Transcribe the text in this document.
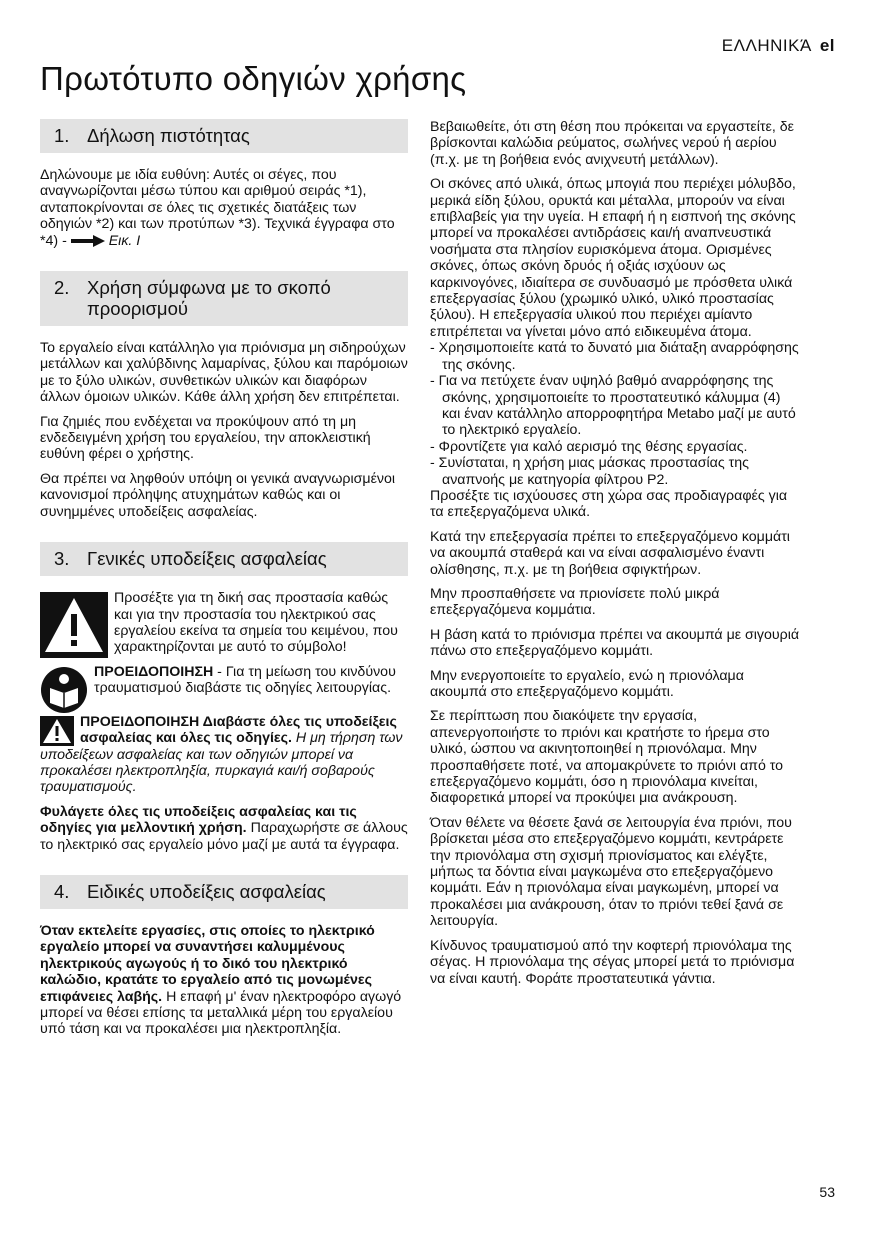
ΕΛΛΗΝΙΚΆ el
Πρωτότυπο οδηγιών χρήσης
1. Δήλωση πιστότητας

Δηλώνουμε με ιδία ευθύνη: Αυτές οι σέγες, που αναγνωρίζονται μέσω τύπου και αριθμού σειράς *1), ανταποκρίνονται σε όλες τις σχετικές διατάξεις των οδηγιών *2) και των προτύπων *3). Τεχνικά έγγραφα στο *4) -	Εικ. I

2. Χρήση σύμφωνα με το σκοπό προορισμού

Το εργαλείο είναι κατάλληλο για πριόνισμα μη σιδηρούχων μετάλλων και χαλύβδινης λαμαρίνας, ξύλου και παρόμοιων με το ξύλο υλικών, συνθετικών υλικών και διαφόρων άλλων όμοιων υλικών. Κάθε άλλη χρήση δεν επιτρέπεται.

Για ζημιές που ενδέχεται να προκύψουν από τη μη ενδεδειγμένη χρήση του εργαλείου, την αποκλειστική ευθύνη φέρει ο χρήστης.

Θα πρέπει να ληφθούν υπόψη οι γενικά αναγνωρισμένοι κανονισμοί πρόληψης ατυχημάτων καθώς και οι συνημμένες υποδείξεις ασφαλείας.

3. Γενικές υποδείξεις ασφαλείας

Προσέξτε για τη δική σας προστασία καθώς και για την προστασία του ηλεκτρικού σας εργαλείου εκείνα τα σημεία του κειμένου, που χαρακτηρίζονται με αυτό το σύμβολο!

ΠΡΟΕΙΔΟΠΟΙΗΣΗ - Για τη μείωση του κινδύνου τραυματισμού διαβάστε τις οδηγίες λειτουργίας.

ΠΡΟΕΙΔΟΠΟΙΗΣΗ Διαβάστε όλες τις υποδείξεις ασφαλείας και όλες τις οδηγίες. Η μη τήρηση των υποδείξεων ασφαλείας και των οδηγιών μπορεί να προκαλέσει ηλεκτροπληξία, πυρκαγιά και/ή σοβαρούς τραυματισμούς.

Φυλάγετε όλες τις υποδείξεις ασφαλείας και τις οδηγίες για μελλοντική χρήση. Παραχωρήστε σε άλλους το ηλεκτρικό σας εργαλείο μόνο μαζί με αυτά τα έγγραφα.

4. Ειδικές υποδείξεις ασφαλείας

Όταν εκτελείτε εργασίες, στις οποίες το ηλεκτρικό εργαλείο μπορεί να συναντήσει καλυμμένους ηλεκτρικούς αγωγούς ή το δικό του ηλεκτρικό καλώδιο, κρατάτε το εργαλείο από τις μονωμένες επιφάνειες λαβής. Η επαφή μ' έναν ηλεκτροφόρο αγωγό μπορεί να θέσει επίσης τα μεταλλικά μέρη του εργαλείου υπό τάση και να προκαλέσει μια ηλεκτροπληξία.

Βεβαιωθείτε, ότι στη θέση που πρόκειται να εργαστείτε, δε βρίσκονται καλώδια ρεύματος, σωλήνες νερού ή αερίου (π.χ. με τη βοήθεια ενός ανιχνευτή μετάλλων).

Οι σκόνες από υλικά, όπως μπογιά που περιέχει μόλυβδο, μερικά είδη ξύλου, ορυκτά και μέταλλα, μπορούν να είναι επιβλαβείς για την υγεία. Η επαφή ή η εισπνοή της σκόνης μπορεί να προκαλέσει αντιδράσεις και/ή αναπνευστικά νοσήματα στα πλησίον ευρισκόμενα άτομα. Ορισμένες σκόνες, όπως σκόνη δρυός ή οξιάς ισχύουν ως καρκινογόνες, ιδιαίτερα σε συνδυασμό με πρόσθετα υλικά επεξεργασίας ξύλου (χρωμικό υλικό, υλικό προστασίας ξύλου). Η επεξεργασία υλικού που περιέχει αμίαντο επιτρέπεται να γίνεται μόνο από ειδικευμένα άτομα.

- Χρησιμοποιείτε κατά το δυνατό μια διάταξη αναρρόφησης της σκόνης.
- Για να πετύχετε έναν υψηλό βαθμό αναρρόφησης της σκόνης, χρησιμοποιείτε το προστατευτικό κάλυμμα (4) και έναν κατάλληλο απορροφητήρα Metabo μαζί με αυτό το ηλεκτρικό εργαλείο.
- Φροντίζετε για καλό αερισμό της θέσης εργασίας.
- Συνίσταται, η χρήση μιας μάσκας προστασίας της αναπνοής με κατηγορία φίλτρου P2.

Προσέξτε τις ισχύουσες στη χώρα σας προδιαγραφές για τα επεξεργαζόμενα υλικά.

Κατά την επεξεργασία πρέπει το επεξεργαζόμενο κομμάτι να ακουμπά σταθερά και να είναι ασφαλισμένο έναντι ολίσθησης, π.χ. με τη βοήθεια σφιγκτήρων.

Μην προσπαθήσετε να πριονίσετε πολύ μικρά επεξεργαζόμενα κομμάτια.

Η βάση κατά το πριόνισμα πρέπει να ακουμπά με σιγουριά πάνω στο επεξεργαζόμενο κομμάτι.

Μην ενεργοποιείτε το εργαλείο, ενώ η πριονόλαμα ακουμπά στο επεξεργαζόμενο κομμάτι.

Σε περίπτωση που διακόψετε την εργασία, απενεργοποιήστε το πριόνι και κρατήστε το ήρεμα στο υλικό, ώσπου να ακινητοποιηθεί η πριονόλαμα. Μην προσπαθήσετε ποτέ, να απομακρύνετε το πριόνι από το επεξεργαζόμενο κομμάτι, όσο η πριονόλαμα κινείται, διαφορετικά μπορεί να προκύψει μια ανάκρουση.

Όταν θέλετε να θέσετε ξανά σε λειτουργία ένα πριόνι, που βρίσκεται μέσα στο επεξεργαζόμενο κομμάτι, κεντράρετε την πριονόλαμα στη σχισμή πριονίσματος και ελέγξτε, μήπως τα δόντια είναι μαγκωμένα στο επεξεργαζόμενο κομμάτι. Εάν η πριονόλαμα είναι μαγκωμένη, μπορεί να προκαλέσει μια ανάκρουση, όταν το πριόνι τεθεί ξανά σε λειτουργία.

Κίνδυνος τραυματισμού από την κοφτερή πριονόλαμα της σέγας. Η πριονόλαμα της σέγας μπορεί μετά το πριόνισμα να είναι καυτή. Φοράτε προστατευτικά γάντια.

53
